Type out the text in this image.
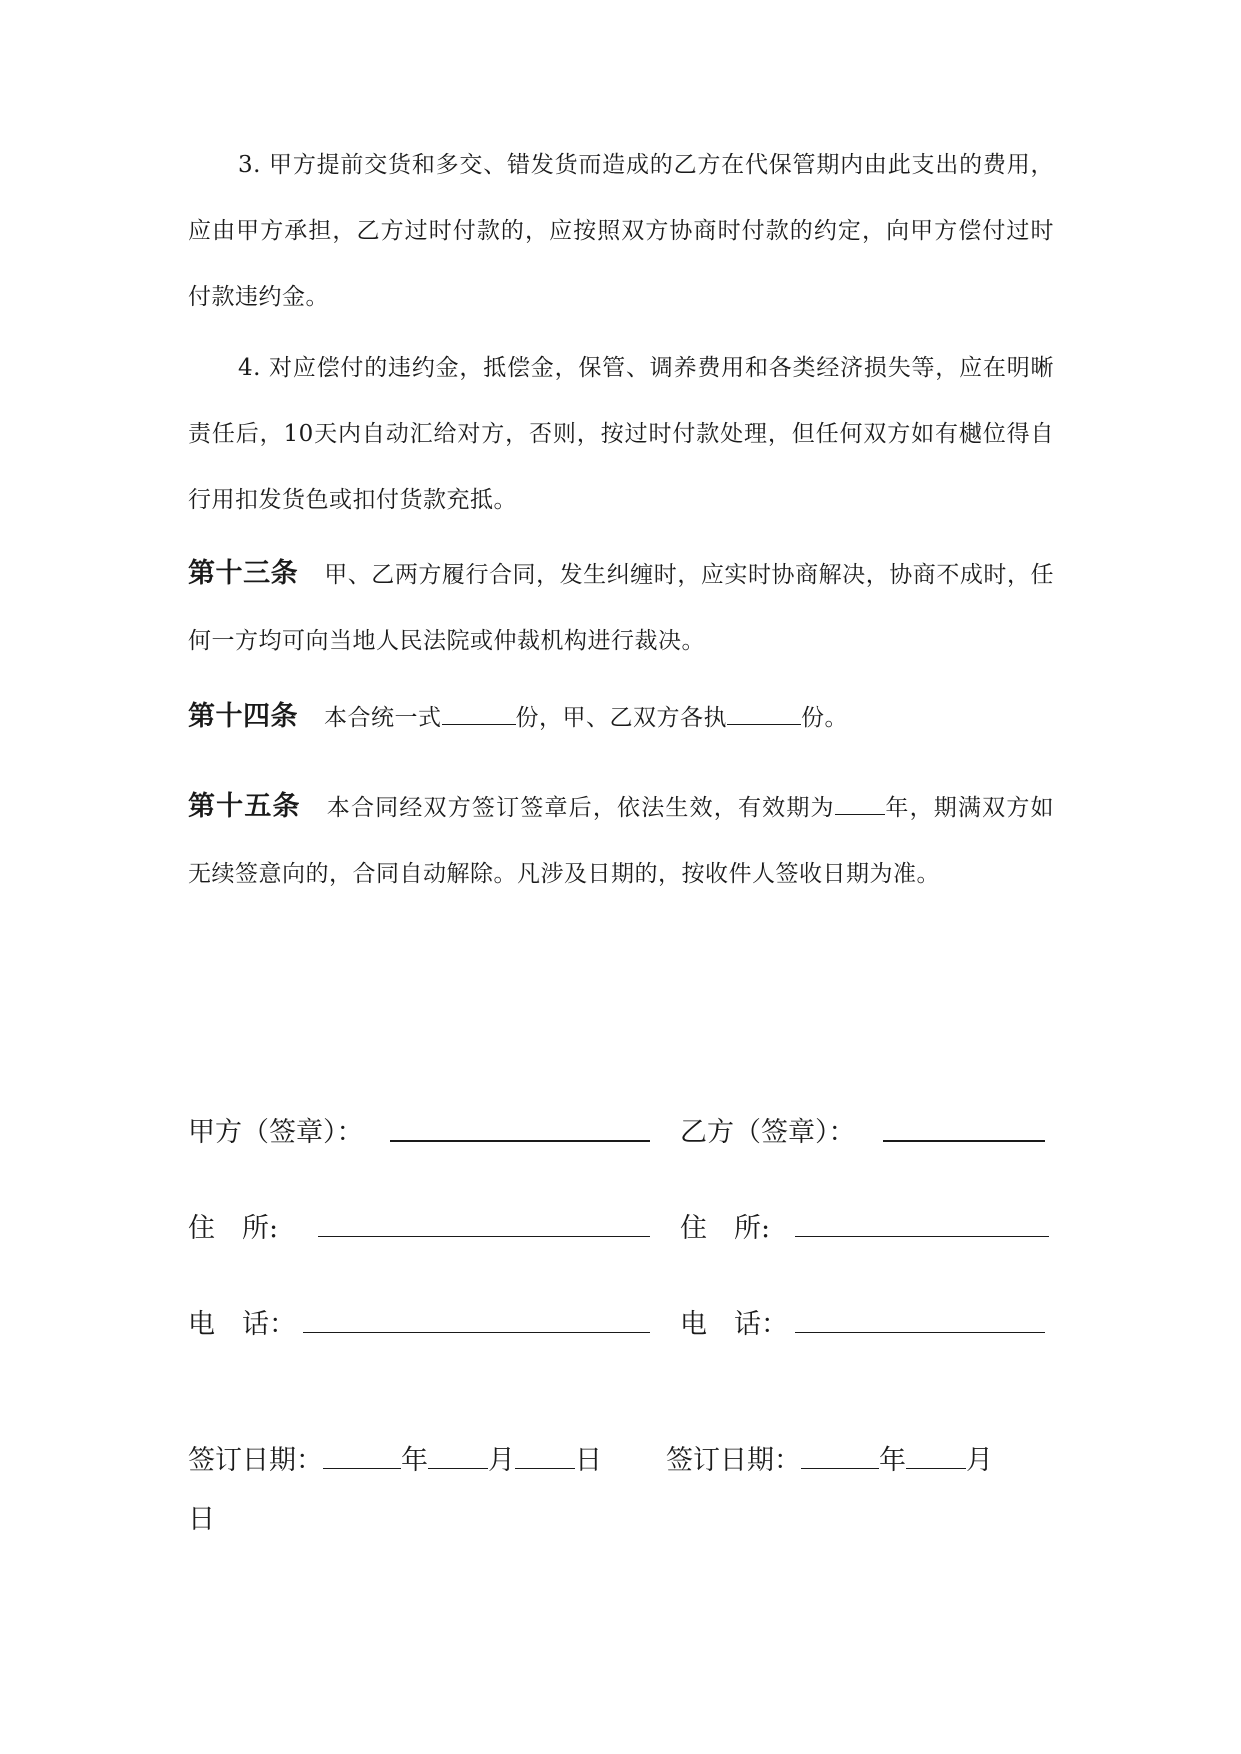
3. 甲方提前交货和多交、错发货而造成的乙方在代保管期内由此支出的费用，应由甲方承担，乙方过时付款的，应按照双方协商时付款的约定，向甲方偿付过时付款违约金。
4. 对应偿付的违约金，抵偿金，保管、调养费用和各类经济损失等，应在明晰责任后，10天内自动汇给对方，否则，按过时付款处理，但任何双方如有樾位得自行用扣发货色或扣付货款充抵。
第十三条 甲、乙两方履行合同，发生纠缠时，应实时协商解决，协商不成时，任何一方均可向当地人民法院或仲裁机构进行裁决。
第十四条 本合统一式	份，甲、乙双方各执	份。
第十五条 本合同经双方签订签章后，依法生效，有效期为 年，期满双方如无续签意向的，合同自动解除。凡涉及日期的，按收件人签收日期为准。
甲方（签章）：	乙方（签章）：
住　所:	住　所:
电　话：	电　话：
签订日期：	年 月 日 签订日期：	年 月
日
